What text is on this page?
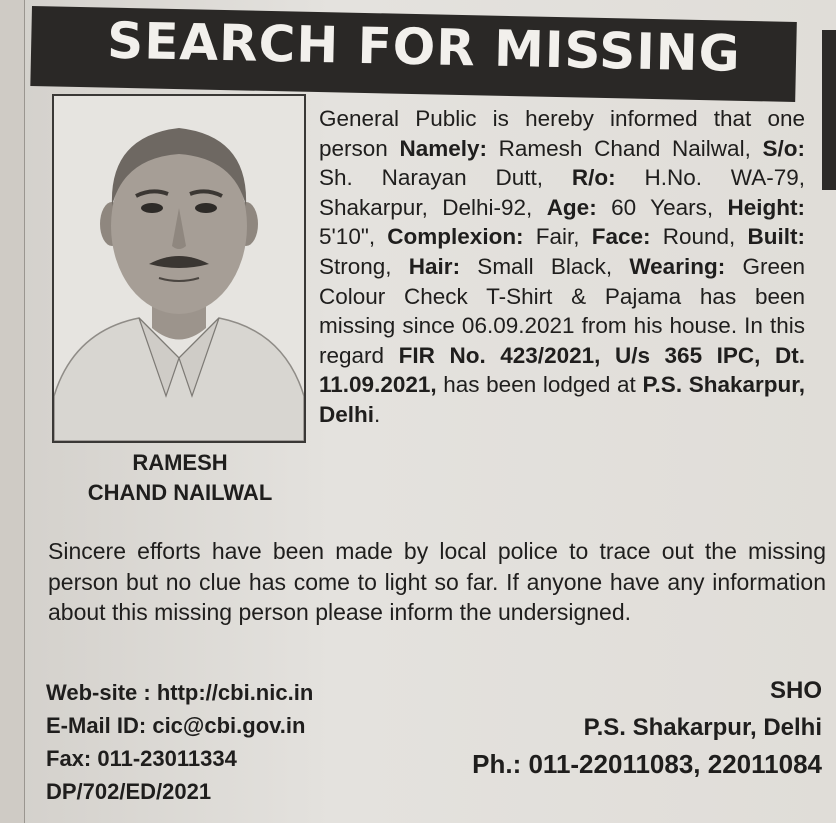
SEARCH FOR MISSING
RAMESH
CHAND NAILWAL
General Public is hereby informed that one person Namely: Ramesh Chand Nailwal, S/o: Sh. Narayan Dutt, R/o: H.No. WA-79, Shakarpur, Delhi-92, Age: 60 Years, Height: 5'10", Complexion: Fair, Face: Round, Built: Strong, Hair: Small Black, Wearing: Green Colour Check T-Shirt & Pajama has been missing since 06.09.2021 from his house. In this regard FIR No. 423/2021, U/s 365 IPC, Dt. 11.09.2021, has been lodged at P.S. Shakarpur, Delhi.
Sincere efforts have been made by local police to trace out the missing person but no clue has come to light so far. If anyone have any information about this missing person please inform the undersigned.
Web-site : http://cbi.nic.in
E-Mail ID: cic@cbi.gov.in
Fax: 011-23011334
DP/702/ED/2021
SHO
P.S. Shakarpur, Delhi
Ph.: 011-22011083, 22011084
